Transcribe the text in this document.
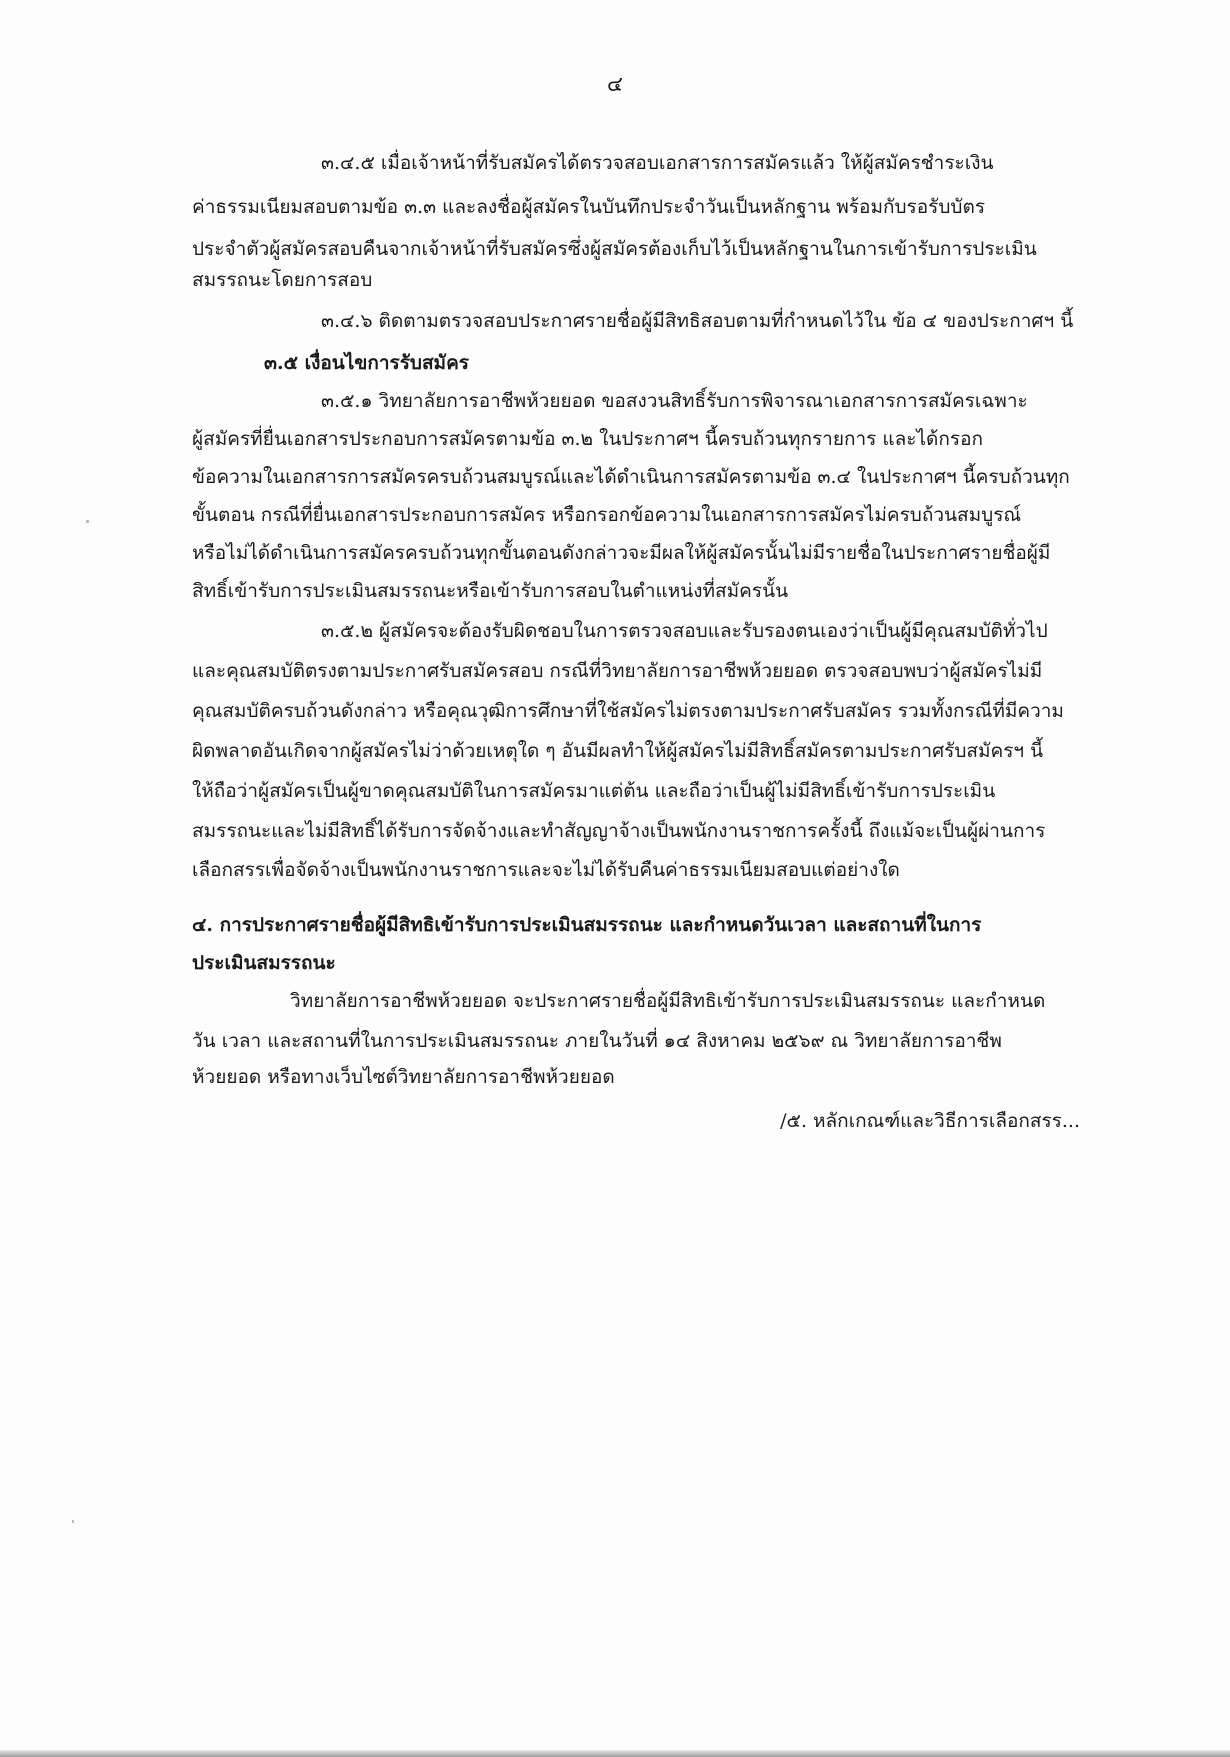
๔
๓.๔.๕ เมื่อเจ้าหน้าที่รับสมัครได้ตรวจสอบเอกสารการสมัครแล้ว ให้ผู้สมัครชำระเงิน
ค่าธรรมเนียมสอบตามข้อ ๓.๓ และลงชื่อผู้สมัครในบันทึกประจำวันเป็นหลักฐาน พร้อมกับรอรับบัตร
ประจำตัวผู้สมัครสอบคืนจากเจ้าหน้าที่รับสมัครซึ่งผู้สมัครต้องเก็บไว้เป็นหลักฐานในการเข้ารับการประเมิน
สมรรถนะโดยการสอบ
๓.๔.๖ ติดตามตรวจสอบประกาศรายชื่อผู้มีสิทธิสอบตามที่กำหนดไว้ใน ข้อ ๔ ของประกาศฯ นี้
๓.๕ เงื่อนไขการรับสมัคร
๓.๕.๑ วิทยาลัยการอาชีพห้วยยอด ขอสงวนสิทธิ์รับการพิจารณาเอกสารการสมัครเฉพาะ
ผู้สมัครที่ยื่นเอกสารประกอบการสมัครตามข้อ ๓.๒ ในประกาศฯ นี้ครบถ้วนทุกรายการ และได้กรอก
ข้อความในเอกสารการสมัครครบถ้วนสมบูรณ์และได้ดำเนินการสมัครตามข้อ ๓.๔ ในประกาศฯ นี้ครบถ้วนทุก
ขั้นตอน กรณีที่ยื่นเอกสารประกอบการสมัคร หรือกรอกข้อความในเอกสารการสมัครไม่ครบถ้วนสมบูรณ์
หรือไม่ได้ดำเนินการสมัครครบถ้วนทุกขั้นตอนดังกล่าวจะมีผลให้ผู้สมัครนั้นไม่มีรายชื่อในประกาศรายชื่อผู้มี
สิทธิ์เข้ารับการประเมินสมรรถนะหรือเข้ารับการสอบในตำแหน่งที่สมัครนั้น
๓.๕.๒ ผู้สมัครจะต้องรับผิดชอบในการตรวจสอบและรับรองตนเองว่าเป็นผู้มีคุณสมบัติทั่วไป
และคุณสมบัติตรงตามประกาศรับสมัครสอบ กรณีที่วิทยาลัยการอาชีพห้วยยอด ตรวจสอบพบว่าผู้สมัครไม่มี
คุณสมบัติครบถ้วนดังกล่าว หรือคุณวุฒิการศึกษาที่ใช้สมัครไม่ตรงตามประกาศรับสมัคร รวมทั้งกรณีที่มีความ
ผิดพลาดอันเกิดจากผู้สมัครไม่ว่าด้วยเหตุใด ๆ อันมีผลทำให้ผู้สมัครไม่มีสิทธิ์สมัครตามประกาศรับสมัครฯ นี้
ให้ถือว่าผู้สมัครเป็นผู้ขาดคุณสมบัติในการสมัครมาแต่ต้น และถือว่าเป็นผู้ไม่มีสิทธิ์เข้ารับการประเมิน
สมรรถนะและไม่มีสิทธิ์ได้รับการจัดจ้างและทำสัญญาจ้างเป็นพนักงานราชการครั้งนี้ ถึงแม้จะเป็นผู้ผ่านการ
เลือกสรรเพื่อจัดจ้างเป็นพนักงานราชการและจะไม่ได้รับคืนค่าธรรมเนียมสอบแต่อย่างใด
๔. การประกาศรายชื่อผู้มีสิทธิเข้ารับการประเมินสมรรถนะ และกำหนดวันเวลา และสถานที่ในการ
ประเมินสมรรถนะ
วิทยาลัยการอาชีพห้วยยอด จะประกาศรายชื่อผู้มีสิทธิเข้ารับการประเมินสมรรถนะ และกำหนด
วัน เวลา และสถานที่ในการประเมินสมรรถนะ ภายในวันที่ ๑๔ สิงหาคม ๒๕๖๙ ณ วิทยาลัยการอาชีพ
ห้วยยอด หรือทางเว็บไซต์วิทยาลัยการอาชีพห้วยยอด
/๕. หลักเกณฑ์และวิธีการเลือกสรร...
